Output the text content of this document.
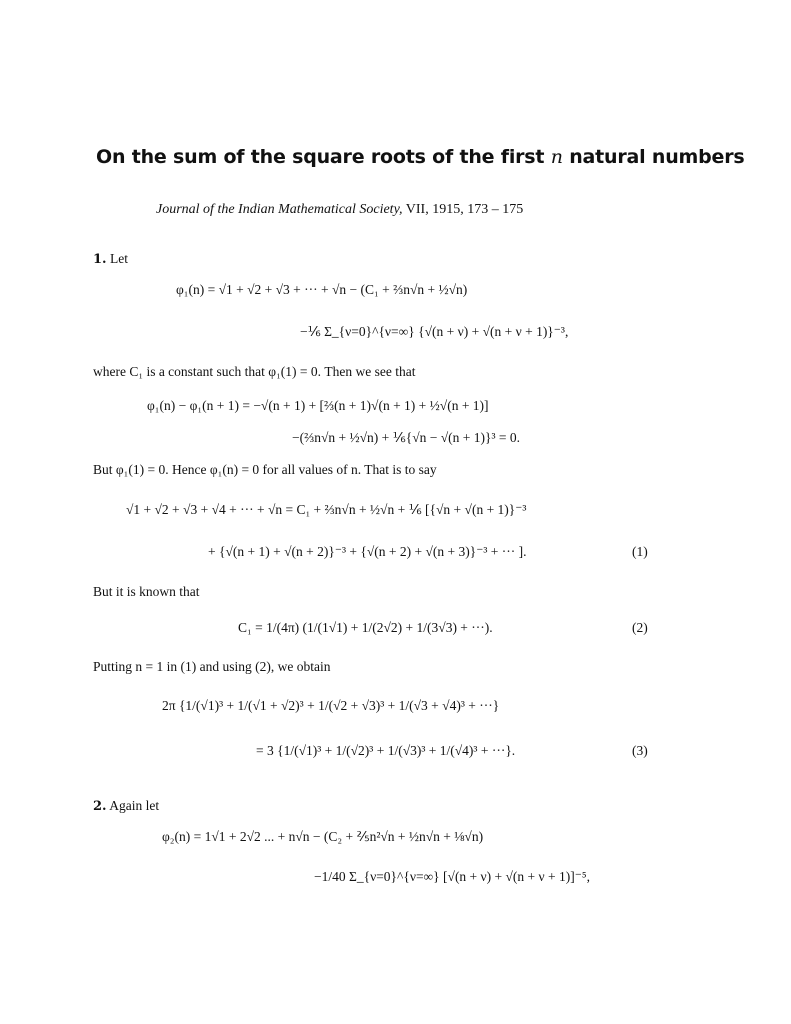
On the sum of the square roots of the first n natural numbers
Journal of the Indian Mathematical Society, VII, 1915, 173 – 175
1. Let
φ₁(n) = √1 + √2 + √3 + ··· + √n − (C₁ + ⅔n√n + ½√n)
−⅙ Σ_{ν=0}^{ν=∞} {√(n + ν) + √(n + ν + 1)}⁻³,
where C₁ is a constant such that φ₁(1) = 0. Then we see that
φ₁(n) − φ₁(n + 1) = −√(n + 1) + [⅔(n + 1)√(n + 1) + ½√(n + 1)]
−(⅔n√n + ½√n) + ⅙{√n − √(n + 1)}³ = 0.
But φ₁(1) = 0. Hence φ₁(n) = 0 for all values of n. That is to say
√1 + √2 + √3 + √4 + ··· + √n = C₁ + ⅔n√n + ½√n + ⅙ [{√n + √(n + 1)}⁻³
+ {√(n + 1) + √(n + 2)}⁻³ + {√(n + 2) + √(n + 3)}⁻³ + ··· ].	(1)
But it is known that
C₁ = 1/(4π) (1/(1√1) + 1/(2√2) + 1/(3√3) + ···).	(2)
Putting n = 1 in (1) and using (2), we obtain
2π {1/(√1)³ + 1/(√1 + √2)³ + 1/(√2 + √3)³ + 1/(√3 + √4)³ + ···}
= 3 {1/(√1)³ + 1/(√2)³ + 1/(√3)³ + 1/(√4)³ + ···}.	(3)
2. Again let
φ₂(n) = 1√1 + 2√2 ... + n√n − (C₂ + ⅖n²√n + ½n√n + ⅛√n)
−1/40 Σ_{ν=0}^{ν=∞} [√(n + ν) + √(n + ν + 1)]⁻⁵,
